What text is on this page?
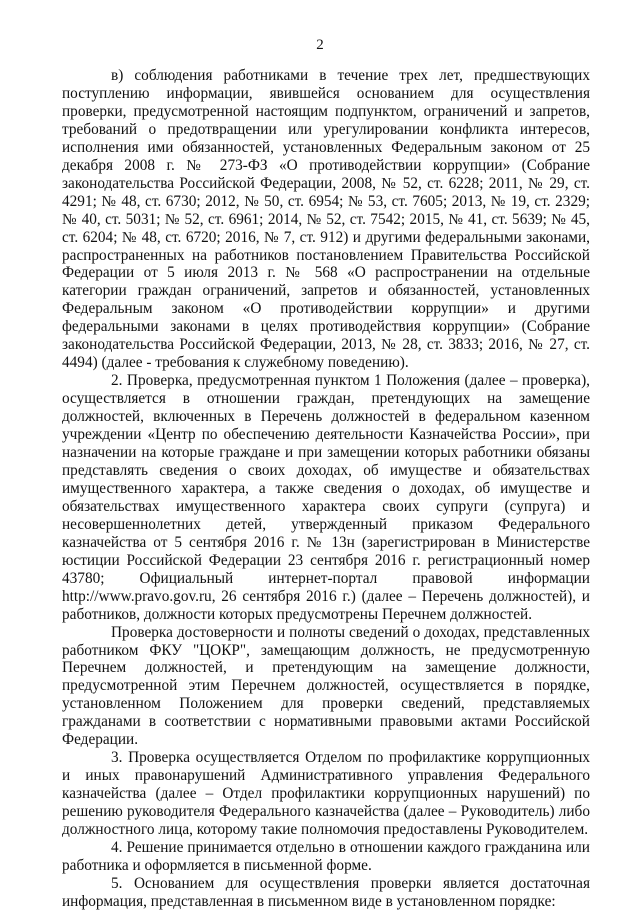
2

в) соблюдения работниками в течение трех лет, предшествующих поступлению информации, явившейся основанием для осуществления проверки, предусмотренной настоящим подпунктом, ограничений и запретов, требований о предотвращении или урегулировании конфликта интересов, исполнения ими обязанностей, установленных Федеральным законом от 25 декабря 2008 г. № 273-ФЗ «О противодействии коррупции» (Собрание законодательства Российской Федерации, 2008, № 52, ст. 6228; 2011, № 29, ст. 4291; № 48, ст. 6730; 2012, № 50, ст. 6954; № 53, ст. 7605; 2013, № 19, ст. 2329; № 40, ст. 5031; № 52, ст. 6961; 2014, № 52, ст. 7542; 2015, № 41, ст. 5639; № 45, ст. 6204; № 48, ст. 6720; 2016, № 7, ст. 912) и другими федеральными законами, распространенных на работников постановлением Правительства Российской Федерации от 5 июля 2013 г. № 568 «О распространении на отдельные категории граждан ограничений, запретов и обязанностей, установленных Федеральным законом «О противодействии коррупции» и другими федеральными законами в целях противодействия коррупции» (Собрание законодательства Российской Федерации, 2013, № 28, ст. 3833; 2016, № 27, ст. 4494) (далее - требования к служебному поведению).

2. Проверка, предусмотренная пунктом 1 Положения (далее – проверка), осуществляется в отношении граждан, претендующих на замещение должностей, включенных в Перечень должностей в федеральном казенном учреждении «Центр по обеспечению деятельности Казначейства России», при назначении на которые граждане и при замещении которых работники обязаны представлять сведения о своих доходах, об имуществе и обязательствах имущественного характера, а также сведения о доходах, об имуществе и обязательствах имущественного характера своих супруги (супруга) и несовершеннолетних детей, утвержденный приказом Федерального казначейства от 5 сентября 2016 г. № 13н (зарегистрирован в Министерстве юстиции Российской Федерации 23 сентября 2016 г. регистрационный номер 43780; Официальный интернет-портал правовой информации http://www.pravo.gov.ru, 26 сентября 2016 г.) (далее – Перечень должностей), и работников, должности которых предусмотрены Перечнем должностей.

Проверка достоверности и полноты сведений о доходах, представленных работником ФКУ "ЦОКР", замещающим должность, не предусмотренную Перечнем должностей, и претендующим на замещение должности, предусмотренной этим Перечнем должностей, осуществляется в порядке, установленном Положением для проверки сведений, представляемых гражданами в соответствии с нормативными правовыми актами Российской Федерации.

3. Проверка осуществляется Отделом по профилактике коррупционных и иных правонарушений Административного управления Федерального казначейства (далее – Отдел профилактики коррупционных нарушений) по решению руководителя Федерального казначейства (далее – Руководитель) либо должностного лица, которому такие полномочия предоставлены Руководителем.

4. Решение принимается отдельно в отношении каждого гражданина или работника и оформляется в письменной форме.

5. Основанием для осуществления проверки является достаточная информация, представленная в письменном виде в установленном порядке:
